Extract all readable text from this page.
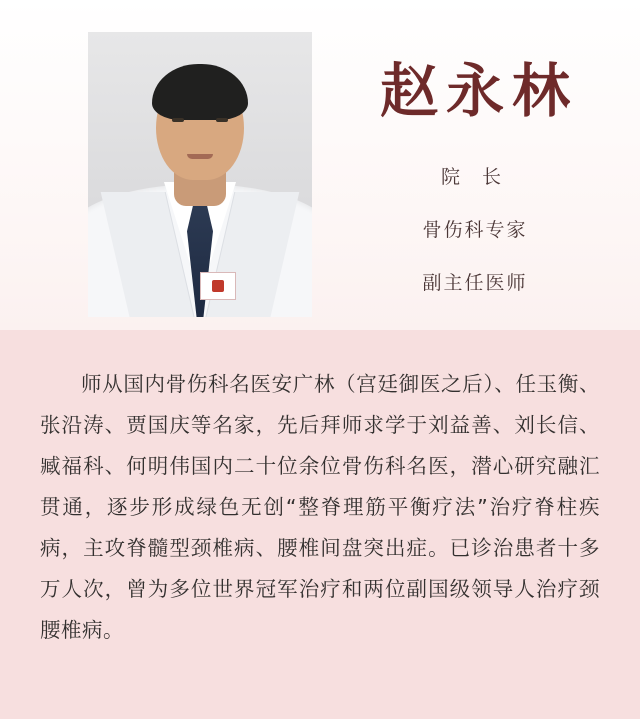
赵永林
院 长
骨伤科专家
副主任医师
师从国内骨伤科名医安广林（宫廷御医之后）、任玉衡、张沿涛、贾国庆等名家，先后拜师求学于刘益善、刘长信、臧福科、何明伟国内二十位余位骨伤科名医，潜心研究融汇贯通，逐步形成绿色无创“整脊理筋平衡疗法”治疗脊柱疾病，主攻脊髓型颈椎病、腰椎间盘突出症。已诊治患者十多万人次，曾为多位世界冠军治疗和两位副国级领导人治疗颈腰椎病。
